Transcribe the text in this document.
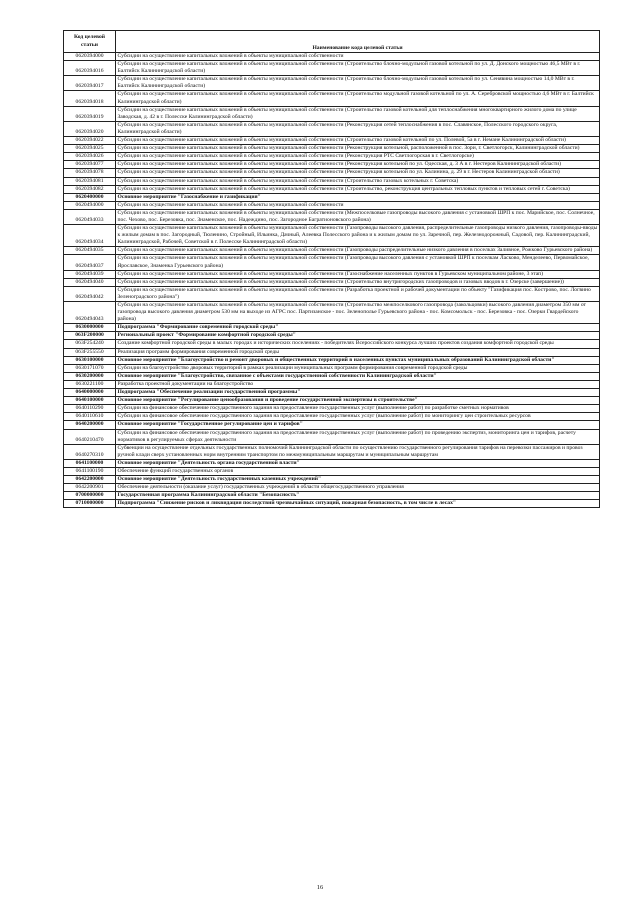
Код целевой статьи	Наименование кода целевой статьи
0620394000	Субсидии на осуществление капитальных вложений в объекты муниципальной собственности
0620394016	Субсидии на осуществление капитальных вложений в объекты муниципальной собственности (Строительство блочно-модульной газовой котельной по ул. Д. Донского мощностью 46,5 МВт в г. Балтийск Калининградской области)
0620394017	Субсидии на осуществление капитальных вложений в объекты муниципальной собственности (Строительство блочно-модульной газовой котельной по ул. Сенявина мощностью 14,0 МВт в г. Балтийск Калининградской области)
0620394018	Субсидии на осуществление капитальных вложений в объекты муниципальной собственности (Строительство модульной газовой котельной по ул. А. Серебровской мощностью 4,6 МВт в г. Балтийск Калининградской области)
0620394019	Субсидии на осуществление капитальных вложений в объекты муниципальной собственности (Строительство газовой котельной для теплоснабжения многоквартирного жилого дома по улице Заводская, д. 42 в г. Полесске Калининградской области)
0620394020	Субсидии на осуществление капитальных вложений в объекты муниципальной собственности (Реконструкция сетей теплоснабжения в пос. Славянское, Полесского городского округа, Калининградской области)
0620394022	Субсидии на осуществление капитальных вложений в объекты муниципальной собственности (Строительство газовой котельной по ул. Полевой, 5а в г. Немане Калининградской области)
0620394025	Субсидии на осуществление капитальных вложений в объекты муниципальной собственности (Реконструкция котельной, расположенной в пос. Зори, г. Светлогорск, Калининградской области)
0620394026	Субсидии на осуществление капитальных вложений в объекты муниципальной собственности (Реконструкция РТС Светлогорская в г. Светлогорске)
0620394077	Субсидии на осуществление капитальных вложений в объекты муниципальной собственности (Реконструкция котельной по ул. Одесская, д. 3 А в г. Нестеров Калининградской области)
0620394078	Субсидии на осуществление капитальных вложений в объекты муниципальной собственности (Реконструкция котельной по ул. Калинина, д. 29 в г. Нестеров Калининградской области)
0620394081	Субсидии на осуществление капитальных вложений в объекты муниципальной собственности (Строительство газовых котельных г. Советска)
0620394082	Субсидии на осуществление капитальных вложений в объекты муниципальной собственности (Строительство, реконструкция центральных тепловых пунктов и тепловых сетей г. Советска)
0620400000	Основное мероприятие "Газоснабжение и газификация"
0620494000	Субсидии на осуществление капитальных вложений в объекты муниципальной собственности
0620494033	Субсидии на осуществление капитальных вложений в объекты муниципальной собственности (Межпоселковые газопроводы высокого давления с установкой ШРП к пос. Марийское, пос. Солнечное, пос. Чехово, пос. Березовка, пос. Знаменское, пос. Надеждино, пос. Загородное Багратионовского района)
0620494034	Субсидии на осуществление капитальных вложений в объекты муниципальной собственности (Газопроводы высокого давления, распределительные газопроводы низкого давления, газопроводы-вводы к жилым домам в пос. Загородный, Тюленино, Стройный, Ильинка, Дачный, Алеевка Полесского района и к жилым домам по ул. Заречной, пер. Железнодорожный, Садовой, пер. Калининградский, Калининградской, Рабочей, Советской в г. Полесске Калининградской области)
0620494035	Субсидии на осуществление капитальных вложений в объекты муниципальной собственности (Газопроводы распределительные низкого давления в поселках Заливное, Рожково Гурьевского района)
0620494037	Субсидии на осуществление капитальных вложений в объекты муниципальной собственности (Газопроводы высокого давления с установкой ШРП к поселкам Ласково, Менделеево, Первомайское, Ярославское, Знаменка Гурьевского района)
0620494039	Субсидии на осуществление капитальных вложений в объекты муниципальной собственности (Газоснабжение населенных пунктов в Гурьевском муниципальном районе, 3 этап)
0620494040	Субсидии на осуществление капитальных вложений в объекты муниципальной собственности (Строительство внутригородских газопроводов и газовых вводов в г. Озерске (завершение))
0620494042	Субсидии на осуществление капитальных вложений в объекты муниципальной собственности (Разработка проектной и рабочей документации по объекту "Газификация пос. Кострово, пос. Логвино Зеленоградского района")
0620494043	Субсидии на осуществление капитальных вложений в объекты муниципальной собственности (Строительство межпоселкового газопровода (закольцовки) высокого давления диаметром 350 мм от газопровода высокого давления диаметром 530 мм на выходе из АГРС пос. Партизанское - пос. Зеленополье Гурьевского района - пос. Комсомольск - пос. Березовка - пос. Озерки Гвардейского района)
0630000000	Подпрограмма "Формирование современной городской среды"
063F200000	Региональный проект "Формирование комфортной городской среды"
063F254240	Создание комфортной городской среды в малых городах и исторических поселениях - победителях Всероссийского конкурса лучших проектов создания комфортной городской среды
063F255550	Реализация программ формирования современной городской среды
0630100000	Основное мероприятие "Благоустройство и ремонт дворовых и общественных территорий в населенных пунктах муниципальных образований Калининградской области"
0630171070	Субсидии на благоустройство дворовых территорий в рамках реализации муниципальных программ формирования современной городской среды
0630200000	Основное мероприятие "Благоустройство, связанное с объектами государственной собственности Калининградской области"
0630221100	Разработка проектной документации на благоустройство
0640000000	Подпрограмма "Обеспечение реализации государственной программы"
0640100000	Основное мероприятие "Регулирование ценообразования и проведение государственной экспертизы в строительстве"
0640110290	Субсидии на финансовое обеспечение государственного задания на предоставление государственных услуг (выполнение работ) по разработке сметных нормативов
0640110610	Субсидии на финансовое обеспечение государственного задания на предоставление государственных услуг (выполнение работ) по мониторингу цен строительных ресурсов
0640200000	Основное мероприятие "Государственное регулирование цен и тарифов"
0640210470	Субсидии на финансовое обеспечение государственного задания на предоставление государственных услуг (выполнение работ) по проведению экспертиз, мониторинга цен и тарифов, расчету нормативов в регулируемых сферах деятельности
0640270310	Субвенции на осуществление отдельных государственных полномочий Калининградской области по осуществлению государственного регулирования тарифов на перевозки пассажиров и провоз ручной клади сверх установленных норм внутренним транспортом по межмуниципальным маршрутам и муниципальным маршрутам
0641100000	Основное мероприятие "Деятельность органа государственной власти"
0641100190	Обеспечение функций государственных органов
0642200000	Основное мероприятие "Деятельность государственных казенных учреждений"
0642200901	Обеспечение деятельности (оказание услуг) государственных учреждений в области общегосударственного управления
0700000000	Государственная программа Калининградской области "Безопасность"
0710000000	Подпрограмма "Снижение рисков и ликвидация последствий чрезвычайных ситуаций, пожарная безопасность, в том числе в лесах"
16
